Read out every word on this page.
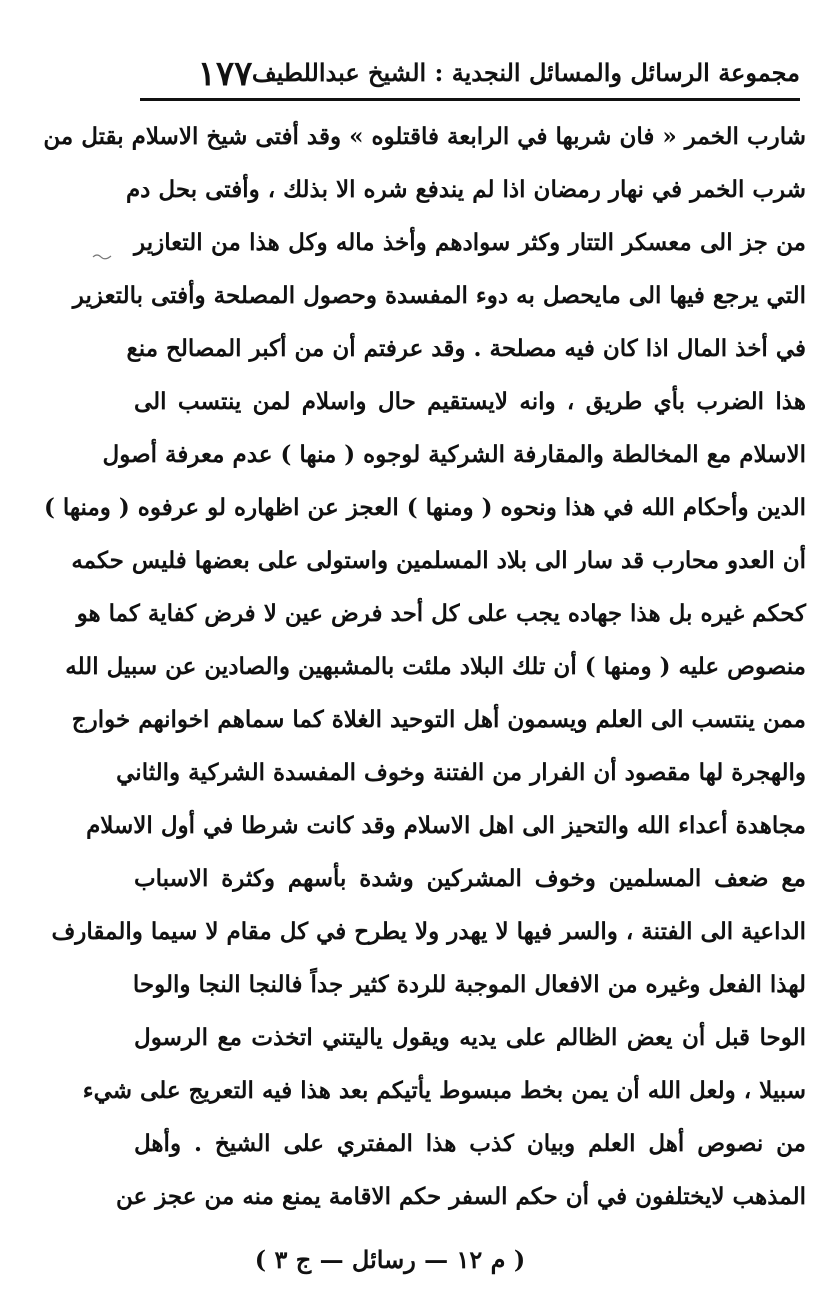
مجموعة الرسائل والمسائل النجدية : الشيخ عبداللطيف
١٧٧
شارب الخمر « فان شربها في الرابعة فاقتلوه » وقد أفتى شيخ الاسلام بقتل من
شرب الخمر في نهار رمضان اذا لم يندفع شره الا بذلك ، وأفتى بحل دم
من جز الى معسكر التتار وكثر سوادهم وأخذ ماله وكل هذا من التعازير
التي يرجع فيها الى مايحصل به دوء المفسدة وحصول المصلحة وأفتى بالتعزير
في أخذ المال اذا كان فيه مصلحة . وقد عرفتم أن من أكبر المصالح منع
هذا الضرب بأي طريق ، وانه لايستقيم حال واسلام لمن ينتسب الى
الاسلام مع المخالطة والمقارفة الشركية لوجوه ( منها ) عدم معرفة أصول
الدين وأحكام الله في هذا ونحوه ( ومنها ) العجز عن اظهاره لو عرفوه ( ومنها )
أن العدو محارب قد سار الى بلاد المسلمين واستولى على بعضها فليس حكمه
كحكم غيره بل هذا جهاده يجب على كل أحد فرض عين لا فرض كفاية كما هو
منصوص عليه ( ومنها ) أن تلك البلاد ملئت بالمشبهين والصادين عن سبيل الله
ممن ينتسب الى العلم ويسمون أهل التوحيد الغلاة كما سماهم اخوانهم خوارج
والهجرة لها مقصود أن الفرار من الفتنة وخوف المفسدة الشركية والثاني
مجاهدة أعداء الله والتحيز الى اهل الاسلام وقد كانت شرطا في أول الاسلام
مع ضعف المسلمين وخوف المشركين وشدة بأسهم وكثرة الاسباب
الداعية الى الفتنة ، والسر فيها لا يهدر ولا يطرح في كل مقام لا سيما والمقارف
لهذا الفعل وغيره من الافعال الموجبة للردة كثير جداً فالنجا النجا والوحا
الوحا قبل أن يعض الظالم على يديه ويقول ياليتني اتخذت مع الرسول
سبيلا ، ولعل الله أن يمن بخط مبسوط يأتيكم بعد هذا فيه التعريج على شيء
من نصوص أهل العلم وبيان كذب هذا المفتري على الشيخ . وأهل
المذهب لايختلفون في أن حكم السفر حكم الاقامة يمنع منه من عجز عن
( م ١٢ — رسائل — ج ٣ )
